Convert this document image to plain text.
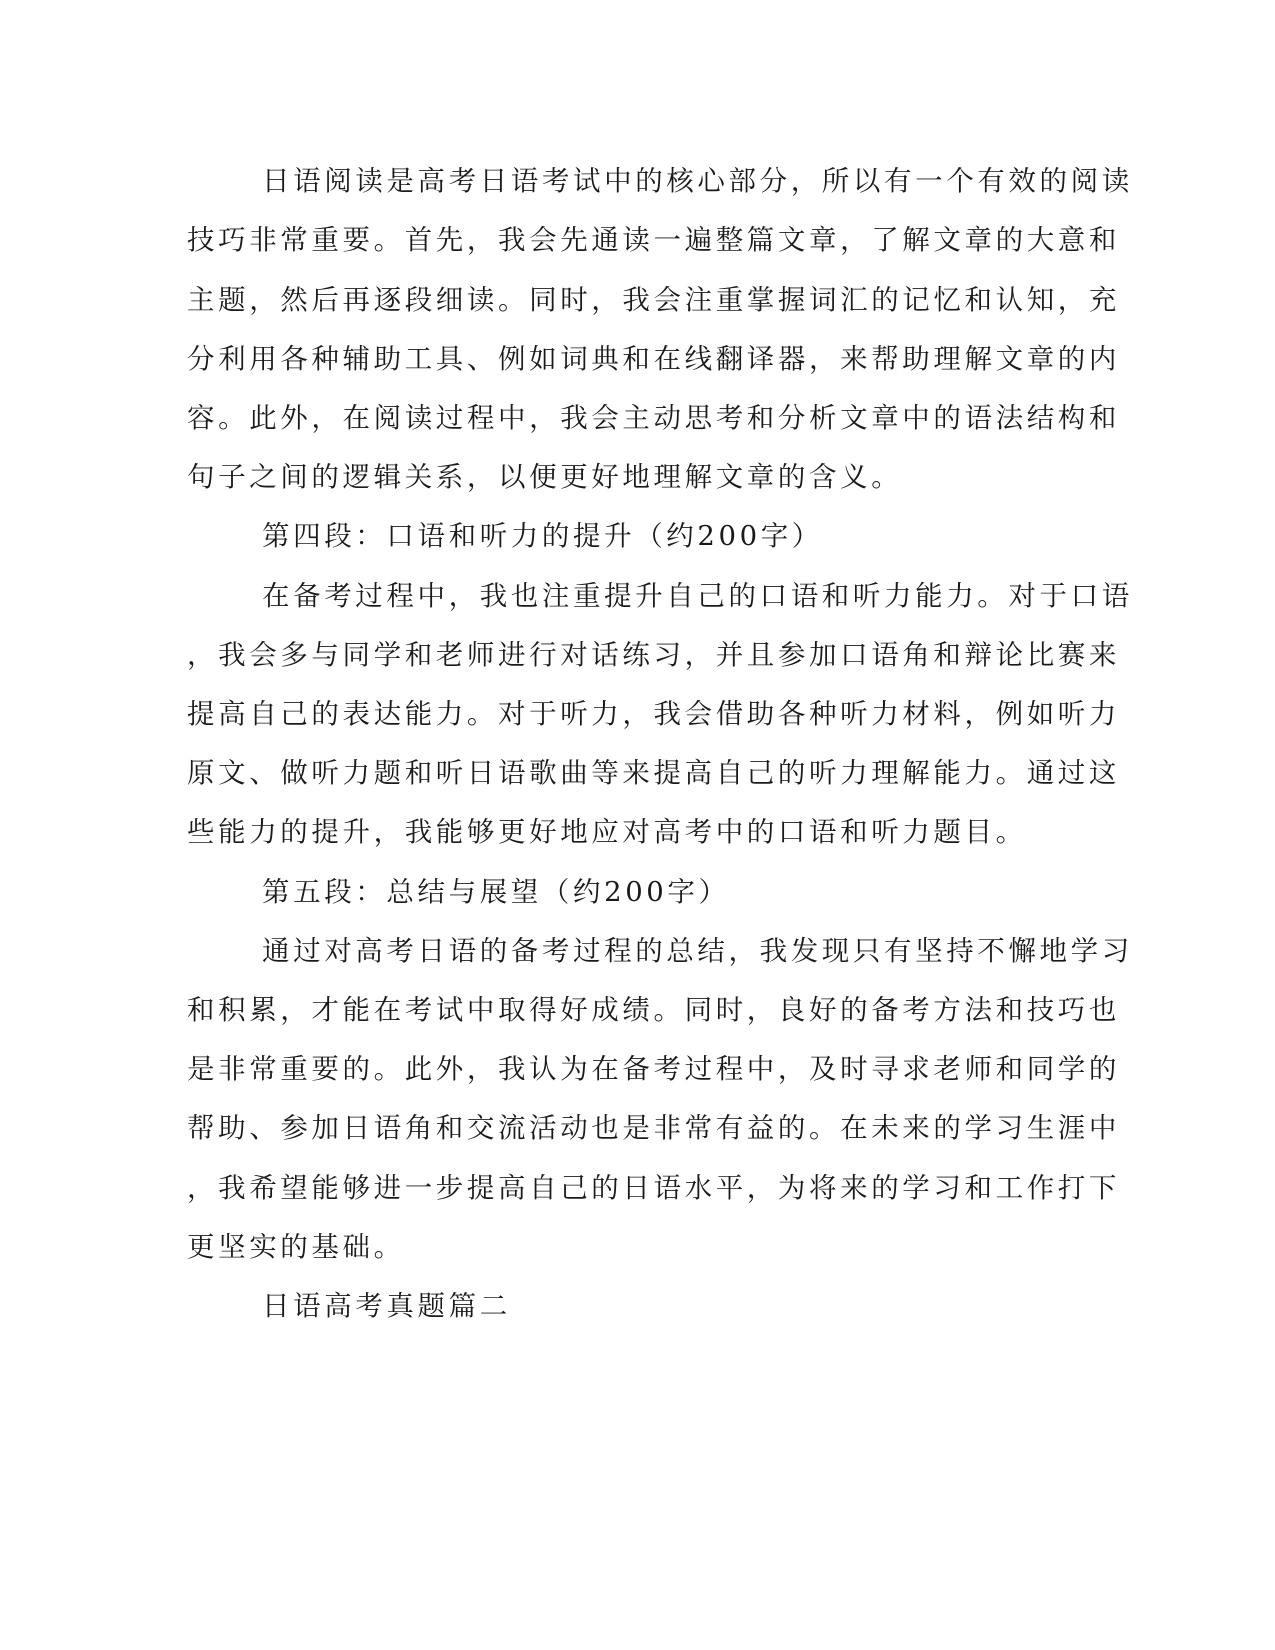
日语阅读是高考日语考试中的核心部分，所以有一个有效的阅读
技巧非常重要。首先，我会先通读一遍整篇文章，了解文章的大意和
主题，然后再逐段细读。同时，我会注重掌握词汇的记忆和认知，充
分利用各种辅助工具、例如词典和在线翻译器，来帮助理解文章的内
容。此外，在阅读过程中，我会主动思考和分析文章中的语法结构和
句子之间的逻辑关系，以便更好地理解文章的含义。
第四段：口语和听力的提升（约200字）
在备考过程中，我也注重提升自己的口语和听力能力。对于口语
，我会多与同学和老师进行对话练习，并且参加口语角和辩论比赛来
提高自己的表达能力。对于听力，我会借助各种听力材料，例如听力
原文、做听力题和听日语歌曲等来提高自己的听力理解能力。通过这
些能力的提升，我能够更好地应对高考中的口语和听力题目。
第五段：总结与展望（约200字）
通过对高考日语的备考过程的总结，我发现只有坚持不懈地学习
和积累，才能在考试中取得好成绩。同时，良好的备考方法和技巧也
是非常重要的。此外，我认为在备考过程中，及时寻求老师和同学的
帮助、参加日语角和交流活动也是非常有益的。在未来的学习生涯中
，我希望能够进一步提高自己的日语水平，为将来的学习和工作打下
更坚实的基础。
日语高考真题篇二
